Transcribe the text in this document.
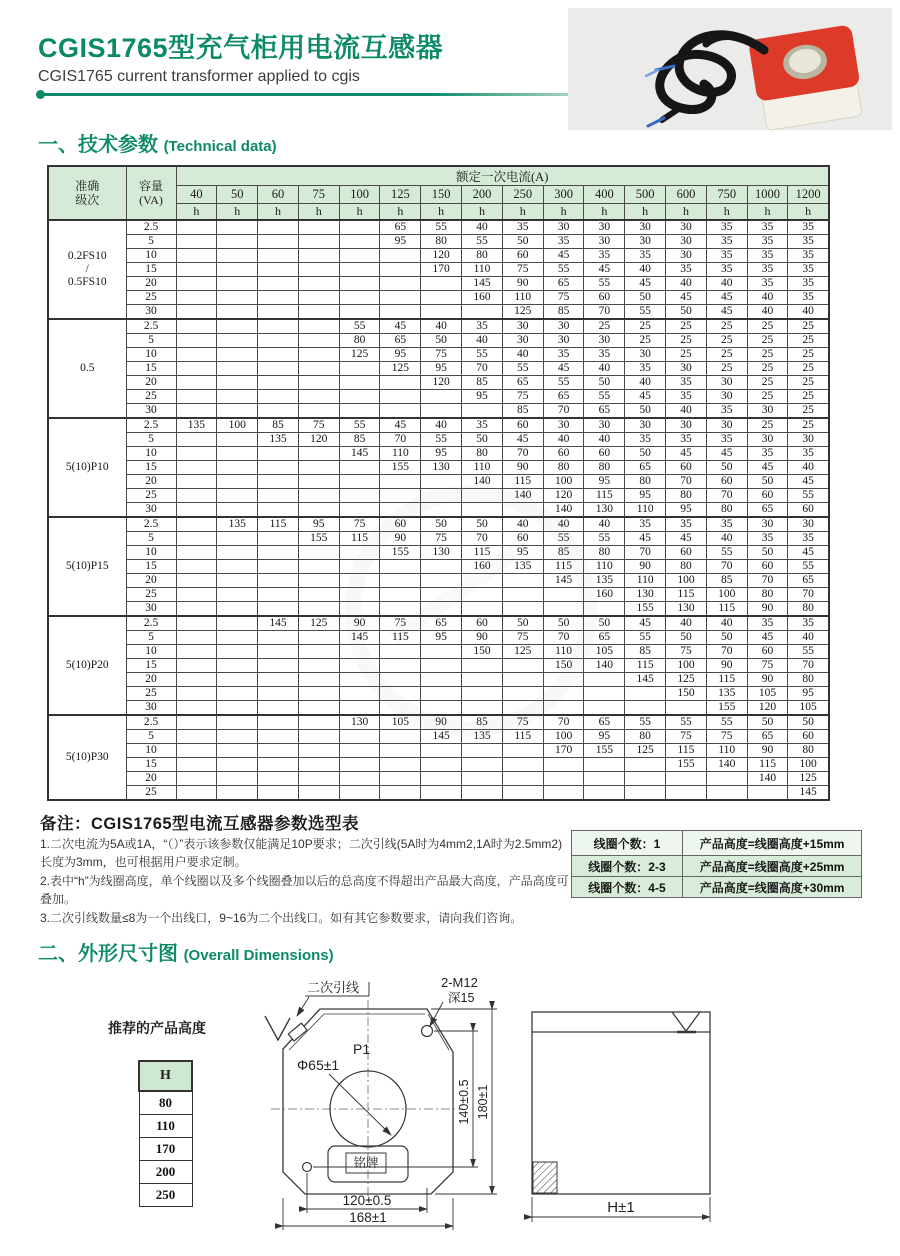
CGIS1765型充气柜用电流互感器
CGIS1765 current transformer applied to cgis
一、技术参数 (Technical data)
准确
级次

容量
(VA)
	额定一次电流(A)
		40	50	60	75	100	125	150	200	250	300	400	500	600	750	1000	1200
		h	h	h	h	h	h	h	h	h	h	h	h	h	h	h	h

0.2FS10
/
0.5FS10	2.5						65	55	40	35	30	30	30	30	35	35	35
	5						95	80	55	50	35	30	30	30	35	35	35
	10							120	80	60	45	35	35	30	35	35	35
	15							170	110	75	55	45	40	35	35	35	35
	20								145	90	65	55	45	40	40	35	35
	25								160	110	75	60	50	45	45	40	35
	30									125	85	70	55	50	45	40	40

0.5	2.5					55	45	40	35	30	30	25	25	25	25	25	25
	5					80	65	50	40	30	30	30	25	25	25	25	25
	10					125	95	75	55	40	35	35	30	25	25	25	25
	15						125	95	70	55	45	40	35	30	25	25	25
	20							120	85	65	55	50	40	35	30	25	25
	25								95	75	65	55	45	35	30	25	25
	30									85	70	65	50	40	35	30	25

5(10)P10	2.5	135	100	85	75	55	45	40	35	60	30	30	30	30	30	25	25
	5			135	120	85	70	55	50	45	40	40	35	35	35	30	30
	10					145	110	95	80	70	60	60	50	45	45	35	35
	15						155	130	110	90	80	80	65	60	50	45	40
	20								140	115	100	95	80	70	60	50	45
	25									140	120	115	95	80	70	60	55
	30										140	130	110	95	80	65	60

5(10)P15	2.5		135	115	95	75	60	50	50	40	40	40	35	35	35	30	30
	5				155	115	90	75	70	60	55	55	45	45	40	35	35
	10						155	130	115	95	85	80	70	60	55	50	45
	15								160	135	115	110	90	80	70	60	55
	20										145	135	110	100	85	70	65
	25											160	130	115	100	80	70
	30												155	130	115	90	80

5(10)P20	2.5			145	125	90	75	65	60	50	50	50	45	40	40	35	35
	5					145	115	95	90	75	70	65	55	50	50	45	40
	10								150	125	110	105	85	75	70	60	55
	15										150	140	115	100	90	75	70
	20												145	125	115	90	80
	25													150	135	105	95
	30														155	120	105

5(10)P30	2.5					130	105	90	85	75	70	65	55	55	55	50	50
	5							145	135	115	100	95	80	75	75	65	60
	10										170	155	125	115	110	90	80
	15													155	140	115	100
	20															140	125
	25																145
备注：CGIS1765型电流互感器参数选型表
1.二次电流为5A或1A，“（）”表示该参数仅能满足10P要求；二次引线(5A时为4mm2,1A时为2.5mm2)长度为3mm，也可根据用户要求定制。
2.表中“h”为线圈高度，单个线圈以及多个线圈叠加以后的总高度不得超出产品最大高度，产品高度可叠加。
3.二次引线数量≤8为一个出线口，9~16为二个出线口。如有其它参数要求，请向我们咨询。
线圈个数：1	产品高度=线圈高度+15mm
线圈个数：2-3	产品高度=线圈高度+25mm
线圈个数：4-5	产品高度=线圈高度+30mm
二、外形尺寸图 (Overall Dimensions)
推荐的产品高度
H
80
110
170
200
250
二次引线	2-M12
深15
P1
Φ65±1
铭牌
140±0.5 180±1
120±0.5
168±1
H±1
